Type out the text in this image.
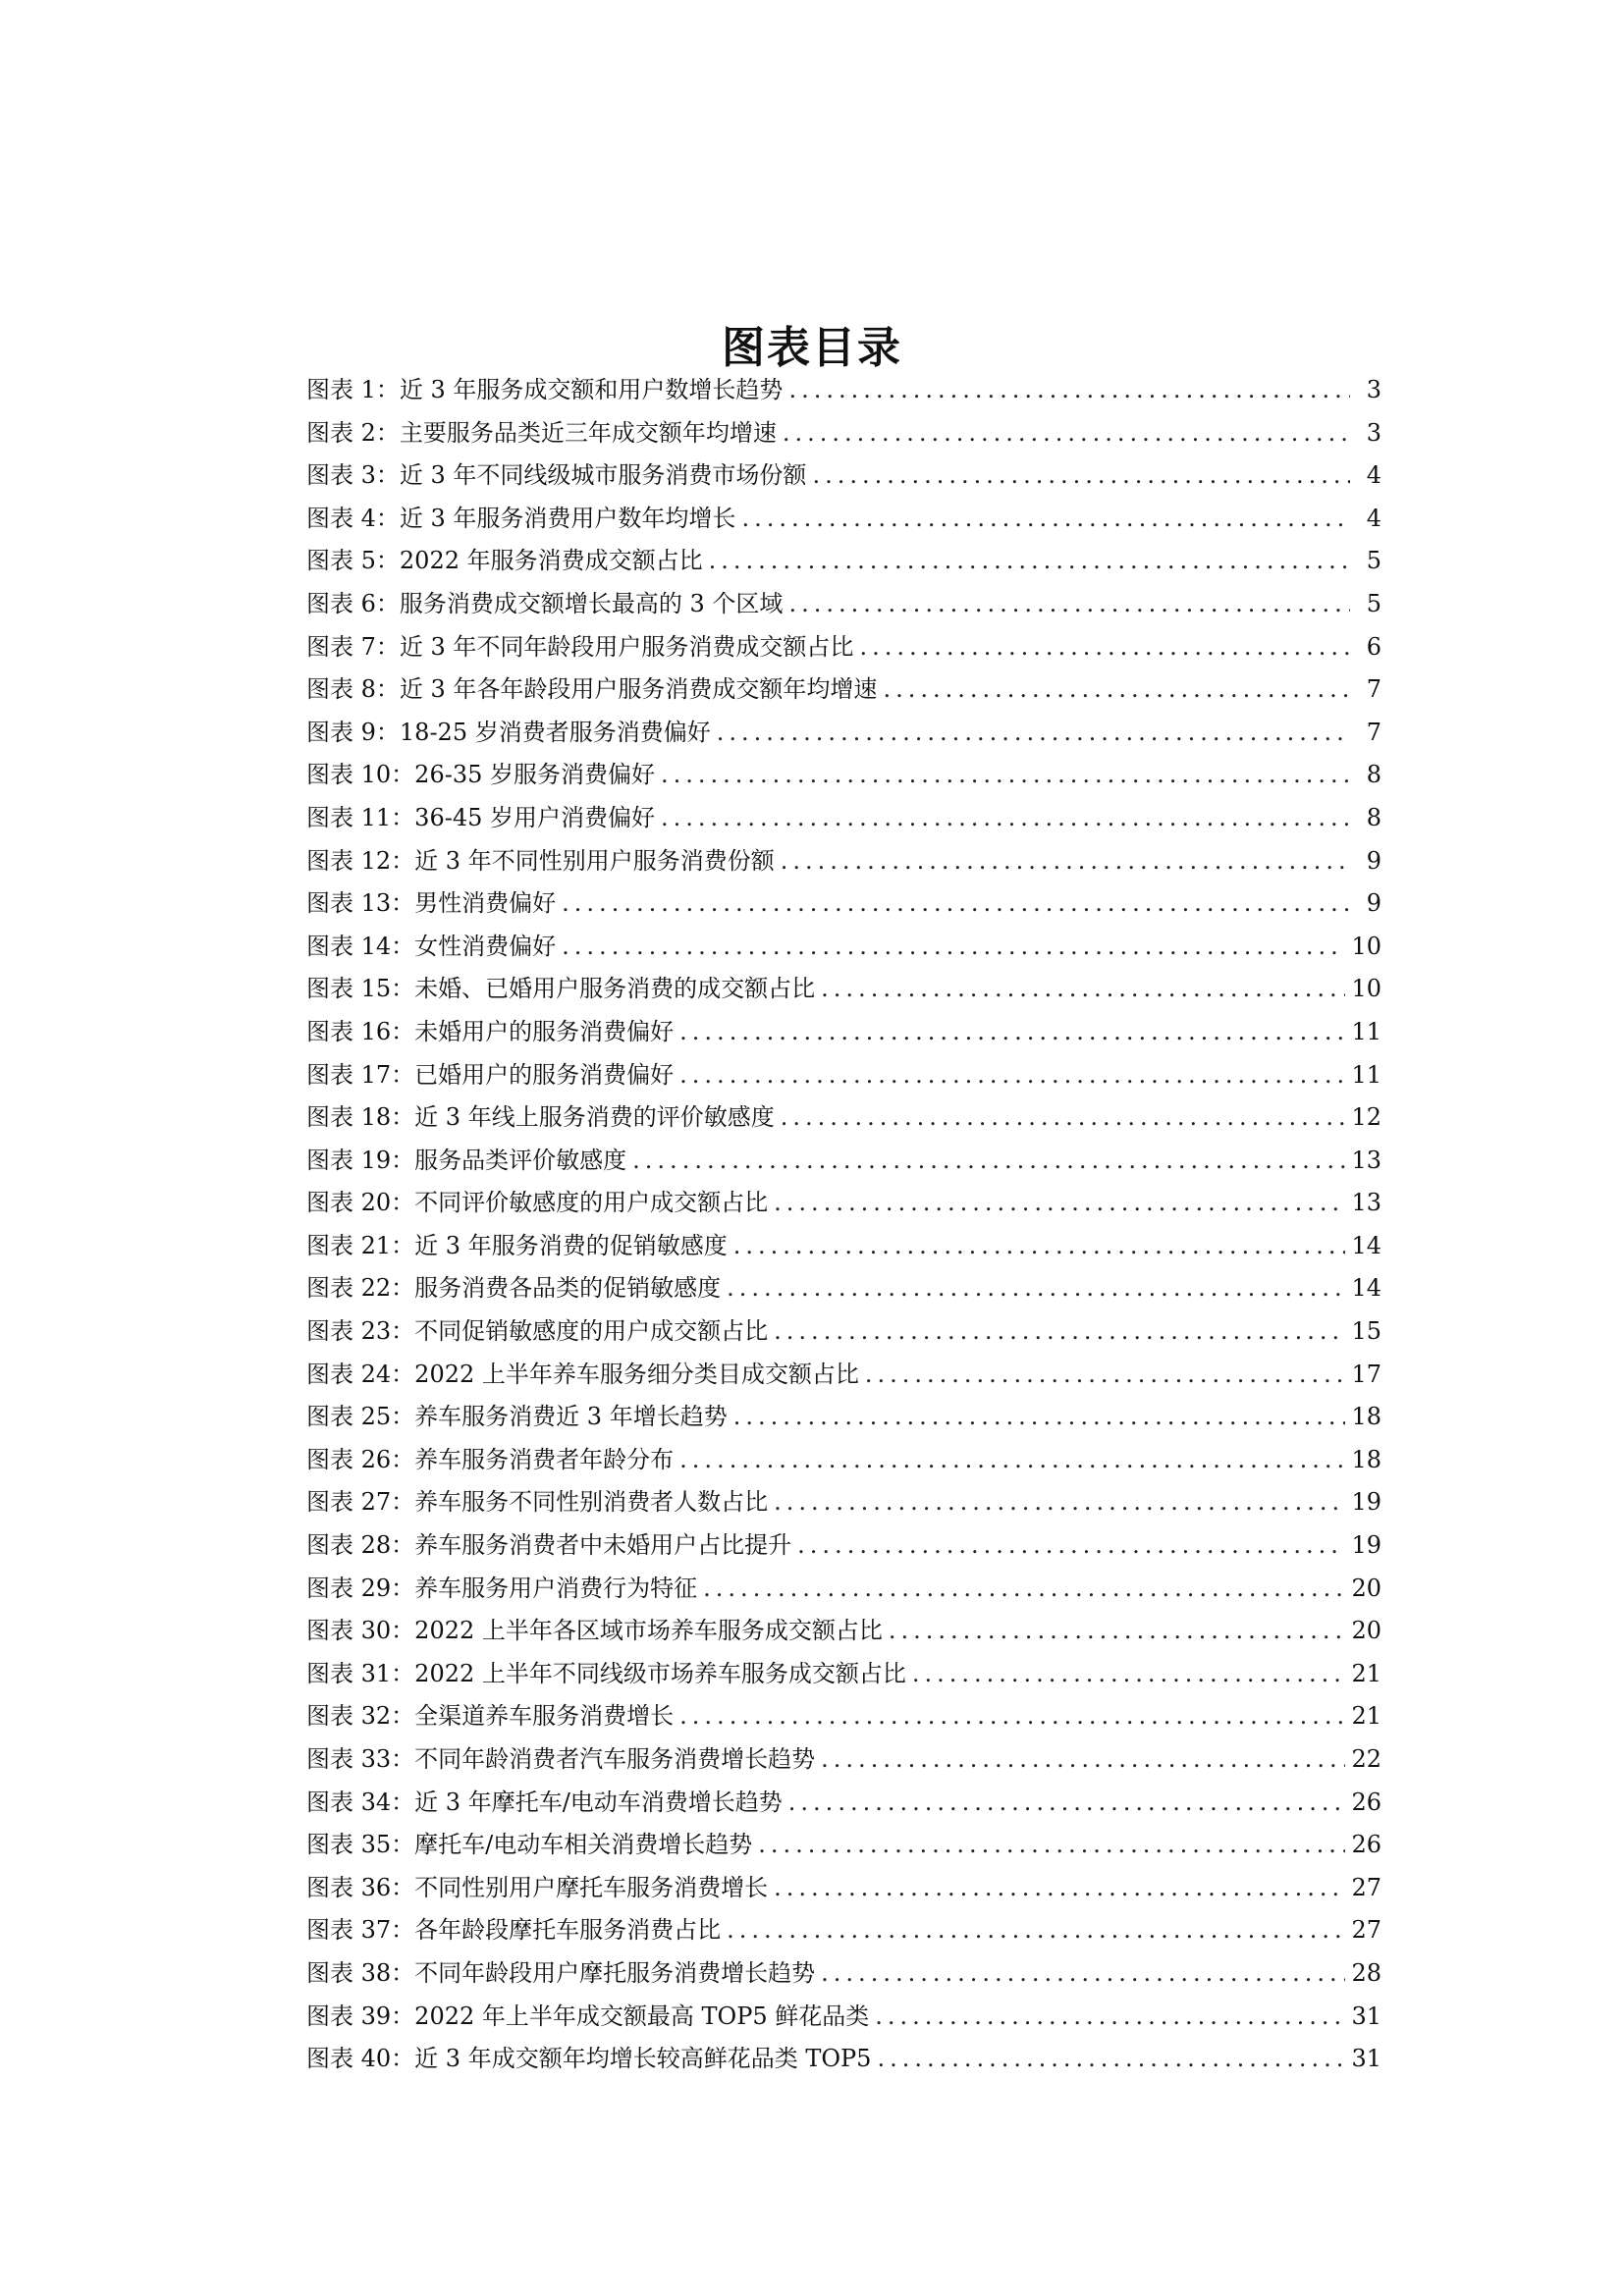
图表目录
图表 1： 近 3 年服务成交额和用户数增长趋势 .....	3
图表 2： 主要服务品类近三年成交额年均增速 .....	3
图表 3： 近 3 年不同线级城市服务消费市场份额 .....	4
图表 4： 近 3 年服务消费用户数年均增长 .....	4
图表 5： 2022 年服务消费成交额占比 .....	5
图表 6： 服务消费成交额增长最高的 3 个区域 .....	5
图表 7： 近 3 年不同年龄段用户服务消费成交额占比 .....	6
图表 8： 近 3 年各年龄段用户服务消费成交额年均增速 .....	7
图表 9： 18-25 岁消费者服务消费偏好 .....	7
图表 10： 26-35 岁服务消费偏好 .....	8
图表 11： 36-45 岁用户消费偏好 .....	8
图表 12： 近 3 年不同性别用户服务消费份额 .....	9
图表 13： 男性消费偏好 .....	9
图表 14： 女性消费偏好 .....	10
图表 15： 未婚、已婚用户服务消费的成交额占比 .....	10
图表 16： 未婚用户的服务消费偏好 .....	11
图表 17： 已婚用户的服务消费偏好 .....	11
图表 18： 近 3 年线上服务消费的评价敏感度 .....	12
图表 19： 服务品类评价敏感度 .....	13
图表 20： 不同评价敏感度的用户成交额占比 .....	13
图表 21： 近 3 年服务消费的促销敏感度 .....	14
图表 22： 服务消费各品类的促销敏感度 .....	14
图表 23： 不同促销敏感度的用户成交额占比 .....	15
图表 24： 2022 上半年养车服务细分类目成交额占比 .....	17
图表 25： 养车服务消费近 3 年增长趋势 .....	18
图表 26： 养车服务消费者年龄分布 .....	18
图表 27： 养车服务不同性别消费者人数占比 .....	19
图表 28： 养车服务消费者中未婚用户占比提升 .....	19
图表 29： 养车服务用户消费行为特征 .....	20
图表 30： 2022 上半年各区域市场养车服务成交额占比 .....	20
图表 31： 2022 上半年不同线级市场养车服务成交额占比 .....	21
图表 32： 全渠道养车服务消费增长 .....	21
图表 33： 不同年龄消费者汽车服务消费增长趋势 .....	22
图表 34： 近 3 年摩托车/电动车消费增长趋势 .....	26
图表 35： 摩托车/电动车相关消费增长趋势 .....	26
图表 36： 不同性别用户摩托车服务消费增长 .....	27
图表 37： 各年龄段摩托车服务消费占比 .....	27
图表 38： 不同年龄段用户摩托服务消费增长趋势 .....	28
图表 39： 2022 年上半年成交额最高 TOP5 鲜花品类 .....	31
图表 40： 近 3 年成交额年均增长较高鲜花品类 TOP5 .....	31
